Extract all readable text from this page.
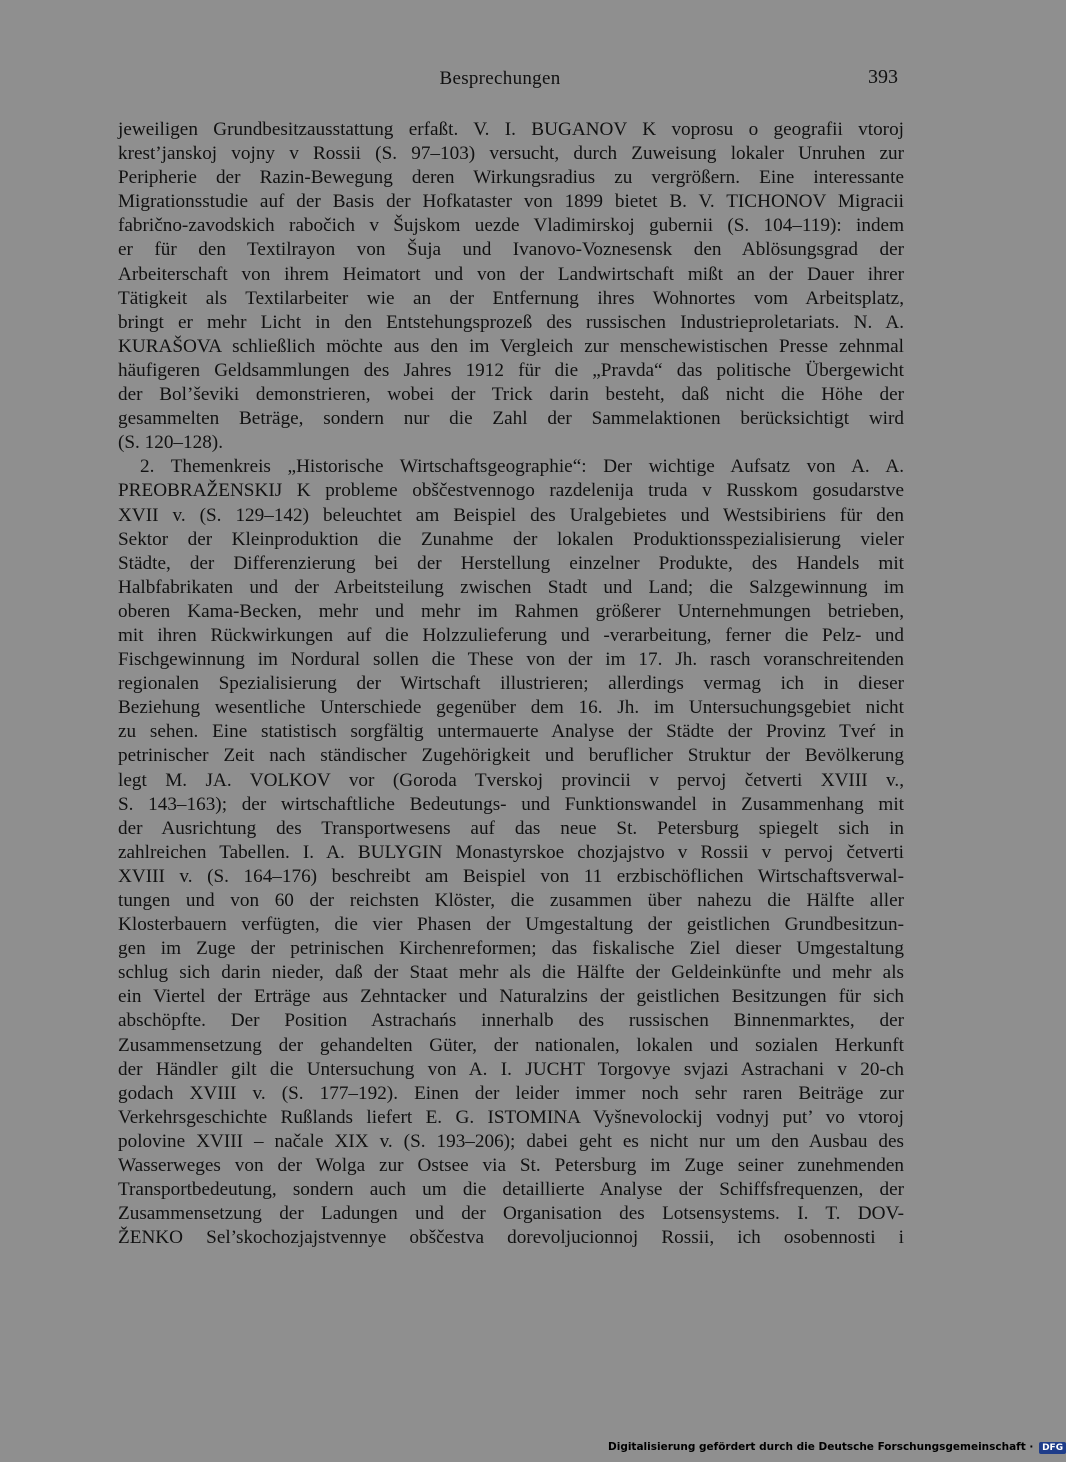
Besprechungen	393
jeweiligen Grundbesitzausstattung erfaßt. V. I. BUGANOV K voprosu o geografii vtoroj
krest’janskoj vojny v Rossii (S. 97–103) versucht, durch Zuweisung lokaler Unruhen zur
Peripherie der Razin-Bewegung deren Wirkungsradius zu vergrößern. Eine interessante
Migrationsstudie auf der Basis der Hofkataster von 1899 bietet B. V. TICHONOV Migracii
fabrično-zavodskich rabočich v Šujskom uezde Vladimirskoj gubernii (S. 104–119): indem
er für den Textilrayon von Šuja und Ivanovo-Voznesensk den Ablösungsgrad der
Arbeiterschaft von ihrem Heimatort und von der Landwirtschaft mißt an der Dauer ihrer
Tätigkeit als Textilarbeiter wie an der Entfernung ihres Wohnortes vom Arbeitsplatz,
bringt er mehr Licht in den Entstehungsprozeß des russischen Industrieproletariats. N. A.
KURAŠOVA schließlich möchte aus den im Vergleich zur menschewistischen Presse zehnmal
häufigeren Geldsammlungen des Jahres 1912 für die „Pravda“ das politische Übergewicht
der Bol’ševiki demonstrieren, wobei der Trick darin besteht, daß nicht die Höhe der
gesammelten Beträge, sondern nur die Zahl der Sammelaktionen berücksichtigt wird
(S. 120–128).
2. Themenkreis „Historische Wirtschaftsgeographie“: Der wichtige Aufsatz von A. A.
PREOBRAŽENSKIJ K probleme obščestvennogo razdelenija truda v Russkom gosudarstve
XVII v. (S. 129–142) beleuchtet am Beispiel des Uralgebietes und Westsibiriens für den
Sektor der Kleinproduktion die Zunahme der lokalen Produktionsspezialisierung vieler
Städte, der Differenzierung bei der Herstellung einzelner Produkte, des Handels mit
Halbfabrikaten und der Arbeitsteilung zwischen Stadt und Land; die Salzgewinnung im
oberen Kama-Becken, mehr und mehr im Rahmen größerer Unternehmungen betrieben,
mit ihren Rückwirkungen auf die Holzzulieferung und -verarbeitung, ferner die Pelz- und
Fischgewinnung im Nordural sollen die These von der im 17. Jh. rasch voranschreitenden
regionalen Spezialisierung der Wirtschaft illustrieren; allerdings vermag ich in dieser
Beziehung wesentliche Unterschiede gegenüber dem 16. Jh. im Untersuchungsgebiet nicht
zu sehen. Eine statistisch sorgfältig untermauerte Analyse der Städte der Provinz Tveŕ in
petrinischer Zeit nach ständischer Zugehörigkeit und beruflicher Struktur der Bevölkerung
legt M. JA. VOLKOV vor (Goroda Tverskoj provincii v pervoj četverti XVIII v.,
S. 143–163); der wirtschaftliche Bedeutungs- und Funktionswandel in Zusammenhang mit
der Ausrichtung des Transportwesens auf das neue St. Petersburg spiegelt sich in
zahlreichen Tabellen. I. A. BULYGIN Monastyrskoe chozjajstvo v Rossii v pervoj četverti
XVIII v. (S. 164–176) beschreibt am Beispiel von 11 erzbischöflichen Wirtschaftsverwal-
tungen und von 60 der reichsten Klöster, die zusammen über nahezu die Hälfte aller
Klosterbauern verfügten, die vier Phasen der Umgestaltung der geistlichen Grundbesitzun-
gen im Zuge der petrinischen Kirchenreformen; das fiskalische Ziel dieser Umgestaltung
schlug sich darin nieder, daß der Staat mehr als die Hälfte der Geldeinkünfte und mehr als
ein Viertel der Erträge aus Zehntacker und Naturalzins der geistlichen Besitzungen für sich
abschöpfte. Der Position Astrachańs innerhalb des russischen Binnenmarktes, der
Zusammensetzung der gehandelten Güter, der nationalen, lokalen und sozialen Herkunft
der Händler gilt die Untersuchung von A. I. JUCHT Torgovye svjazi Astrachani v 20-ch
godach XVIII v. (S. 177–192). Einen der leider immer noch sehr raren Beiträge zur
Verkehrsgeschichte Rußlands liefert E. G. ISTOMINA Vyšnevolockij vodnyj put’ vo vtoroj
polovine XVIII – načale XIX v. (S. 193–206); dabei geht es nicht nur um den Ausbau des
Wasserweges von der Wolga zur Ostsee via St. Petersburg im Zuge seiner zunehmenden
Transportbedeutung, sondern auch um die detaillierte Analyse der Schiffsfrequenzen, der
Zusammensetzung der Ladungen und der Organisation des Lotsensystems. I. T. DOV-
ŽENKO Sel’skochozjajstvennye obščestva dorevoljucionnoj Rossii, ich osobennosti i
Digitalisierung gefördert durch die Deutsche Forschungsgemeinschaft · DFG
